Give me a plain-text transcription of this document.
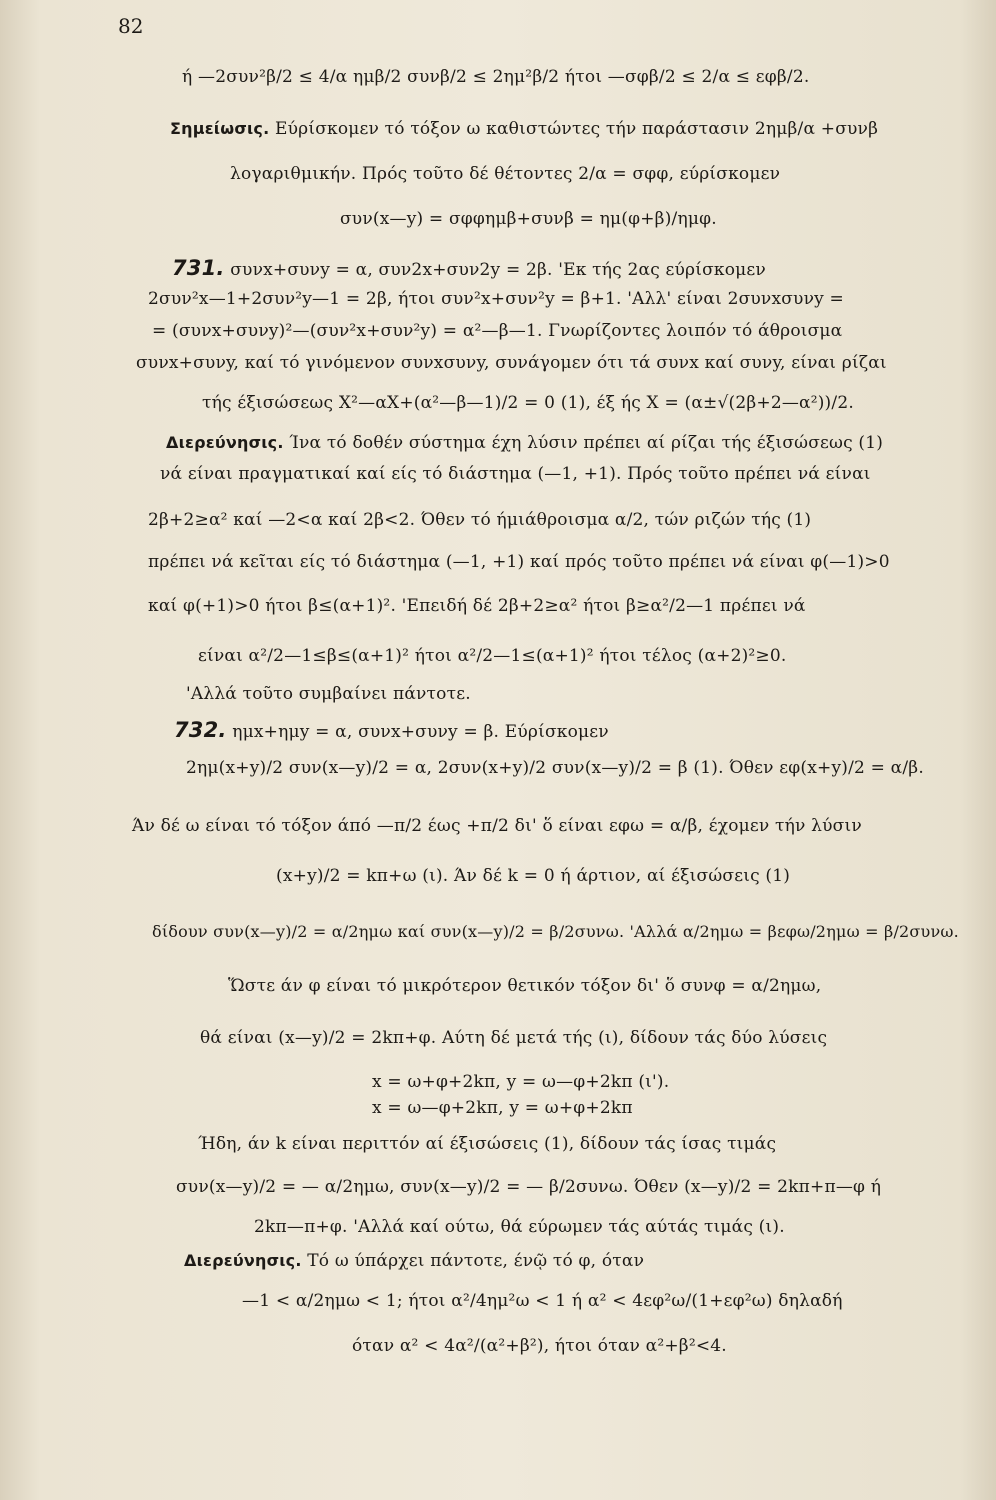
82
ή —2συν²β/2 ≤ 4/α ημβ/2 συνβ/2 ≤ 2ημ²β/2 ήτοι —σφβ/2 ≤ 2/α ≤ εφβ/2.
Σημείωσις. Εύρίσκομεν τό τόξον ω καθιστώντες τήν παράστασιν 2ημβ/α +συνβ
λογαριθμικήν. Πρός τοῦτο δέ θέτοντες 2/α = σφφ, εύρίσκομεν
συν(x—y) = σφφημβ+συνβ = ημ(φ+β)/ημφ.
731. συνx+συνy = α, συν2x+συν2y = 2β. 'Εκ τής 2ας εύρίσκομεν
2συν²x—1+2συν²y—1 = 2β, ήτοι συν²x+συν²y = β+1. 'Αλλ' είναι 2συνxσυνy =
= (συνx+συνy)²—(συν²x+συν²y) = α²—β—1. Γνωρίζοντες λοιπόν τό άθροισμα
συνx+συνy, καί τό γινόμενον συνxσυνy, συνάγομεν ότι τά συνx καί συνy, είναι ρίζαι
τής έξισώσεως X²—αX+(α²—β—1)/2 = 0 (1), έξ ής X = (α±√(2β+2—α²))/2.
Διερεύνησις. Ίνα τό δοθέν σύστημα έχη λύσιν πρέπει αί ρίζαι τής έξισώσεως (1)
νά είναι πραγματικαί καί είς τό διάστημα (—1, +1). Πρός τοῦτο πρέπει νά είναι
2β+2≥α² καί —2<α καί 2β<2. Όθεν τό ήμιάθροισμα α/2, τών ριζών τής (1)
πρέπει νά κεῖται είς τό διάστημα (—1, +1) καί πρός τοῦτο πρέπει νά είναι φ(—1)>0
καί φ(+1)>0 ήτοι β≤(α+1)². 'Επειδή δέ 2β+2≥α² ήτοι β≥α²/2—1 πρέπει νά
είναι α²/2—1≤β≤(α+1)² ήτοι α²/2—1≤(α+1)² ήτοι τέλος (α+2)²≥0.
'Αλλά τοῦτο συμβαίνει πάντοτε.
732. ημx+ημy = α, συνx+συνy = β. Εύρίσκομεν
2ημ(x+y)/2 συν(x—y)/2 = α, 2συν(x+y)/2 συν(x—y)/2 = β (1). Όθεν εφ(x+y)/2 = α/β.
Άν δέ ω είναι τό τόξον άπό —π/2 έως +π/2 δι' ὅ είναι εφω = α/β, έχομεν τήν λύσιν
(x+y)/2 = kπ+ω (ι). Άν δέ k = 0 ή άρτιον, αί έξισώσεις (1)
δίδουν συν(x—y)/2 = α/2ημω καί συν(x—y)/2 = β/2συνω. 'Αλλά α/2ημω = βεφω/2ημω = β/2συνω.
Ὥστε άν φ είναι τό μικρότερον θετικόν τόξον δι' ὅ συνφ = α/2ημω,
θά είναι (x—y)/2 = 2kπ+φ. Αύτη δέ μετά τής (ι), δίδουν τάς δύο λύσεις
x = ω+φ+2kπ, y = ω—φ+2kπ (ι').
x = ω—φ+2kπ, y = ω+φ+2kπ
Ήδη, άν k είναι περιττόν αί έξισώσεις (1), δίδουν τάς ίσας τιμάς
συν(x—y)/2 = — α/2ημω, συν(x—y)/2 = — β/2συνω. Όθεν (x—y)/2 = 2kπ+π—φ ή
2kπ—π+φ. 'Αλλά καί ούτω, θά εύρωμεν τάς αύτάς τιμάς (ι).
Διερεύνησις. Τό ω ύπάρχει πάντοτε, ένῷ τό φ, όταν
—1 < α/2ημω < 1; ήτοι α²/4ημ²ω < 1 ή α² < 4εφ²ω/(1+εφ²ω) δηλαδή
όταν α² < 4α²/(α²+β²), ήτοι όταν α²+β²<4.
